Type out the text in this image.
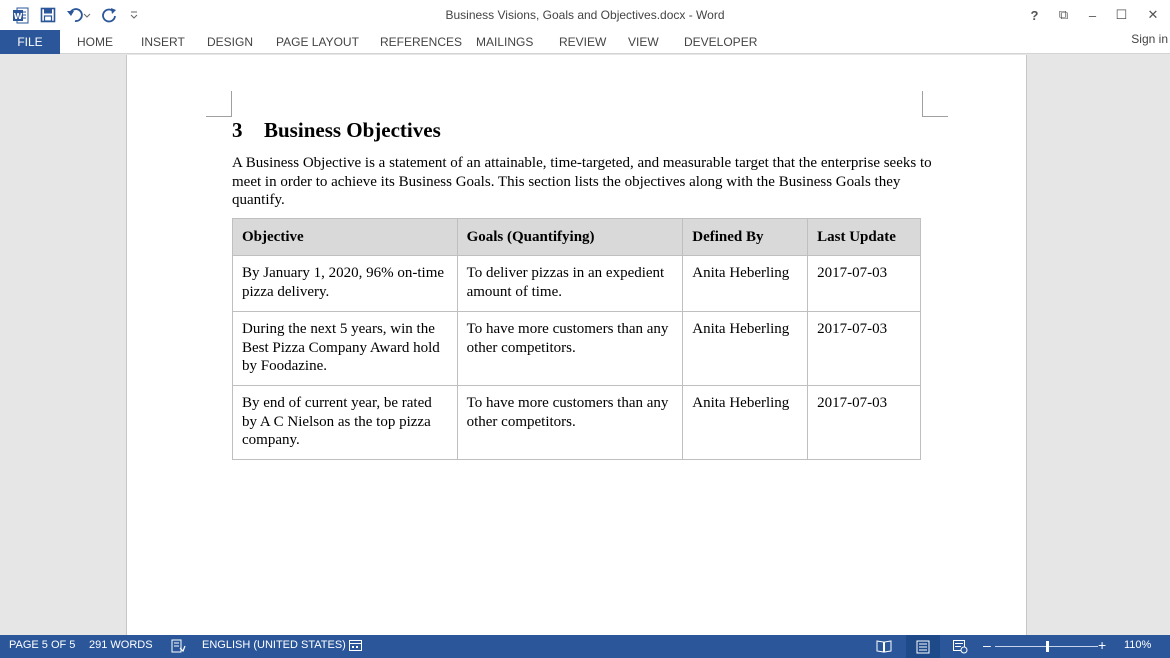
W	Business Visions, Goals and Objectives.docx - Word	?	⧉	–	☐	✕
FILE	HOME INSERT DESIGN PAGE LAYOUT REFERENCES MAILINGS REVIEW VIEW DEVELOPER	Sign in
3 Business Objectives
A Business Objective is a statement of an attainable, time-targeted, and measurable target that the enterprise seeks to meet in order to achieve its Business Goals. This section lists the objectives along with the Business Goals they quantify.
Objective	Goals (Quantifying)	Defined By	Last Update
By January 1, 2020, 96% on-time pizza delivery.	To deliver pizzas in an expedient amount of time.	Anita Heberling	2017-07-03
During the next 5 years, win the Best Pizza Company Award hold by Foodazine.	To have more customers than any other competitors.	Anita Heberling	2017-07-03
By end of current year, be rated by A C Nielson as the top pizza company.	To have more customers than any other competitors.	Anita Heberling	2017-07-03
PAGE 5 OF 5 291 WORDS	ENGLISH (UNITED STATES)	–	+ 110%
